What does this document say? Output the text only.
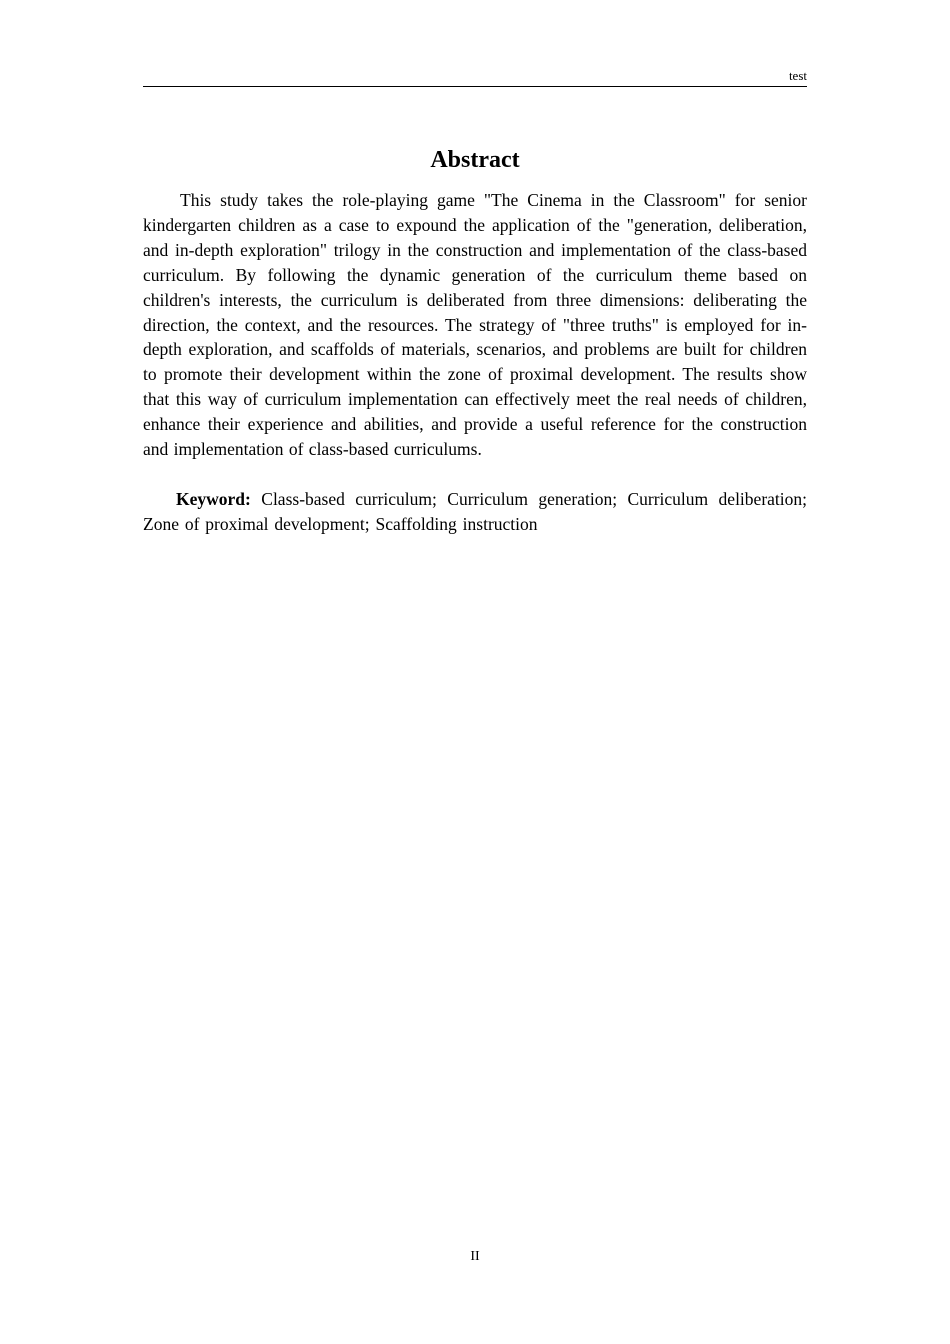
test
Abstract

This study takes the role-playing game "The Cinema in the Classroom" for senior kindergarten children as a case to expound the application of the "generation, deliberation, and in-depth exploration" trilogy in the construction and implementation of the class-based curriculum. By following the dynamic generation of the curriculum theme based on children's interests, the curriculum is deliberated from three dimensions: deliberating the direction, the context, and the resources. The strategy of "three truths" is employed for in-depth exploration, and scaffolds of materials, scenarios, and problems are built for children to promote their development within the zone of proximal development. The results show that this way of curriculum implementation can effectively meet the real needs of children, enhance their experience and abilities, and provide a useful reference for the construction and implementation of class-based curriculums.

Keyword: Class-based curriculum; Curriculum generation; Curriculum deliberation; Zone of proximal development; Scaffolding instruction

II
